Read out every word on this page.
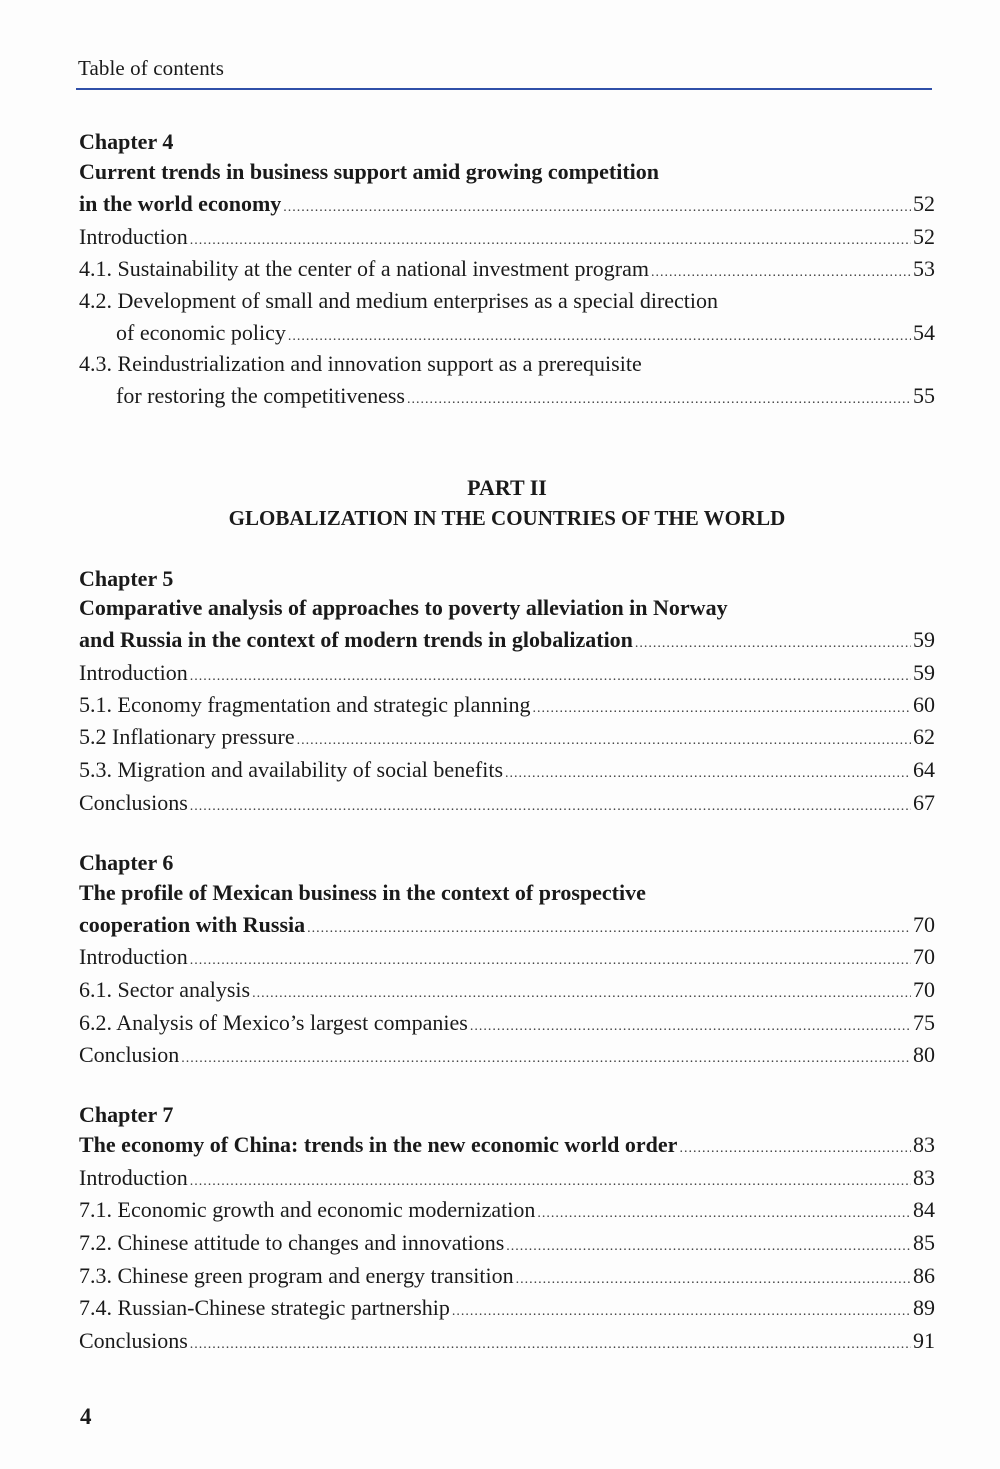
Table of contents
Chapter 4
Current trends in business support amid growing competition
in the world economy .....	52
Introduction .....	52
4.1. Sustainability at the center of a national investment program .....	53
4.2. Development of small and medium enterprises as a special direction
of economic policy .....	54
4.3. Reindustrialization and innovation support as a prerequisite
for restoring the competitiveness .....	55
PART II
GLOBALIZATION IN THE COUNTRIES OF THE WORLD
Chapter 5
Comparative analysis of approaches to poverty alleviation in Norway
and Russia in the context of modern trends in globalization .....	59
Introduction .....	59
5.1. Economy fragmentation and strategic planning .....	60
5.2 Inflationary pressure .....	62
5.3. Migration and availability of social benefits .....	64
Conclusions .....	67
Chapter 6
The profile of Mexican business in the context of prospective
cooperation with Russia .....	70
Introduction .....	70
6.1. Sector analysis .....	70
6.2. Analysis of Mexico’s largest companies .....	75
Conclusion .....	80
Chapter 7
The economy of China: trends in the new economic world order .....	83
Introduction .....	83
7.1. Economic growth and economic modernization .....	84
7.2. Chinese attitude to changes and innovations .....	85
7.3. Chinese green program and energy transition .....	86
7.4. Russian-Chinese strategic partnership .....	89
Conclusions .....	91
4
